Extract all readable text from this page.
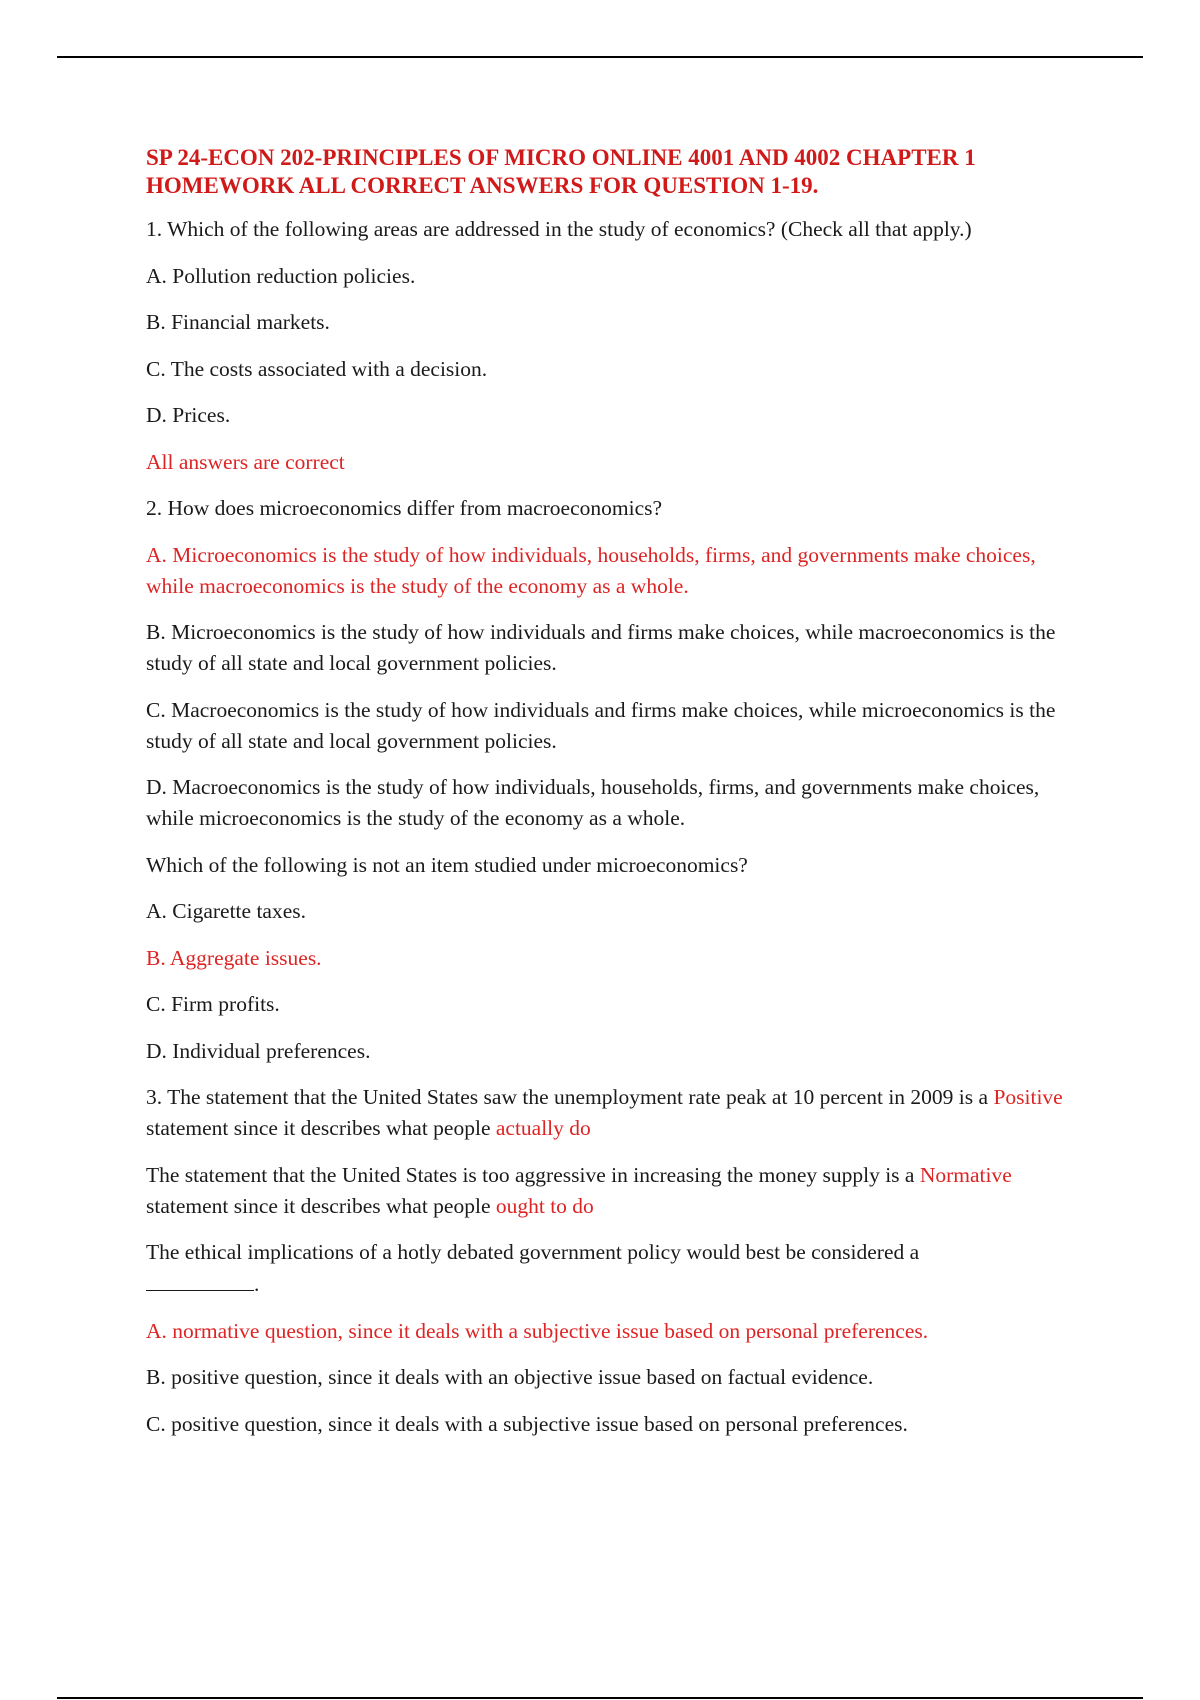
SP 24-ECON 202-PRINCIPLES OF MICRO ONLINE 4001 AND 4002 CHAPTER 1 HOMEWORK ALL CORRECT ANSWERS FOR QUESTION 1-19.
1. Which of the following areas are addressed in the study of economics? (Check all that apply.)
A. Pollution reduction policies.
B. Financial markets.
C. The costs associated with a decision.
D. Prices.
All answers are correct
2. How does microeconomics differ from macroeconomics?
A. Microeconomics is the study of how individuals, households, firms, and governments make choices, while macroeconomics is the study of the economy as a whole.
B. Microeconomics is the study of how individuals and firms make choices, while macroeconomics is the study of all state and local government policies.
C. Macroeconomics is the study of how individuals and firms make choices, while microeconomics is the study of all state and local government policies.
D. Macroeconomics is the study of how individuals, households, firms, and governments make choices, while microeconomics is the study of the economy as a whole.
Which of the following is not an item studied under microeconomics?
A. Cigarette taxes.
B. Aggregate issues.
C. Firm profits.
D. Individual preferences.
3. The statement that the United States saw the unemployment rate peak at 10 percent in 2009 is a Positive statement since it describes what people actually do
The statement that the United States is too aggressive in increasing the money supply is a Normative statement since it describes what people ought to do
The ethical implications of a hotly debated government policy would best be considered a
.
A. normative question, since it deals with a subjective issue based on personal preferences.
B. positive question, since it deals with an objective issue based on factual evidence.
C. positive question, since it deals with a subjective issue based on personal preferences.
